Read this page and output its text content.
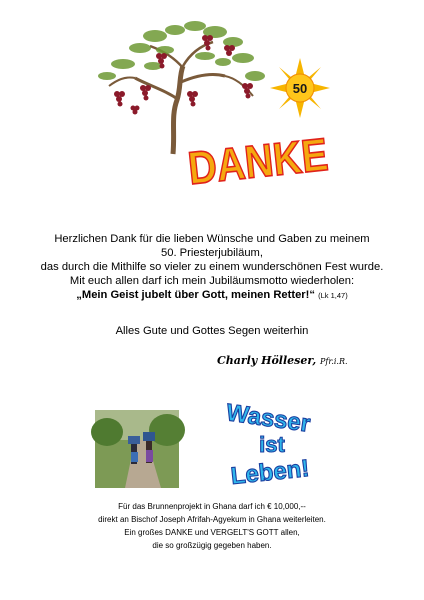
50
DANKE
Herzlichen Dank für die lieben Wünsche und Gaben zu meinem
50. Priesterjubiläum,
das durch die Mithilfe so vieler zu einem wunderschönen Fest wurde.
Mit euch allen darf ich mein Jubiläumsmotto wiederholen:
„Mein Geist jubelt über Gott, meinen Retter!“ (Lk 1,47)
Alles Gute und Gottes Segen weiterhin
Charly Hölleser, Pfr.i.R.
Wasser
ist
Leben!
Für das Brunnenprojekt in Ghana darf ich € 10,000,--
direkt an Bischof Joseph Afrifah-Agyekum in Ghana weiterleiten.
Ein großes DANKE und VERGELT'S GOTT allen,
die so großzügig gegeben haben.
